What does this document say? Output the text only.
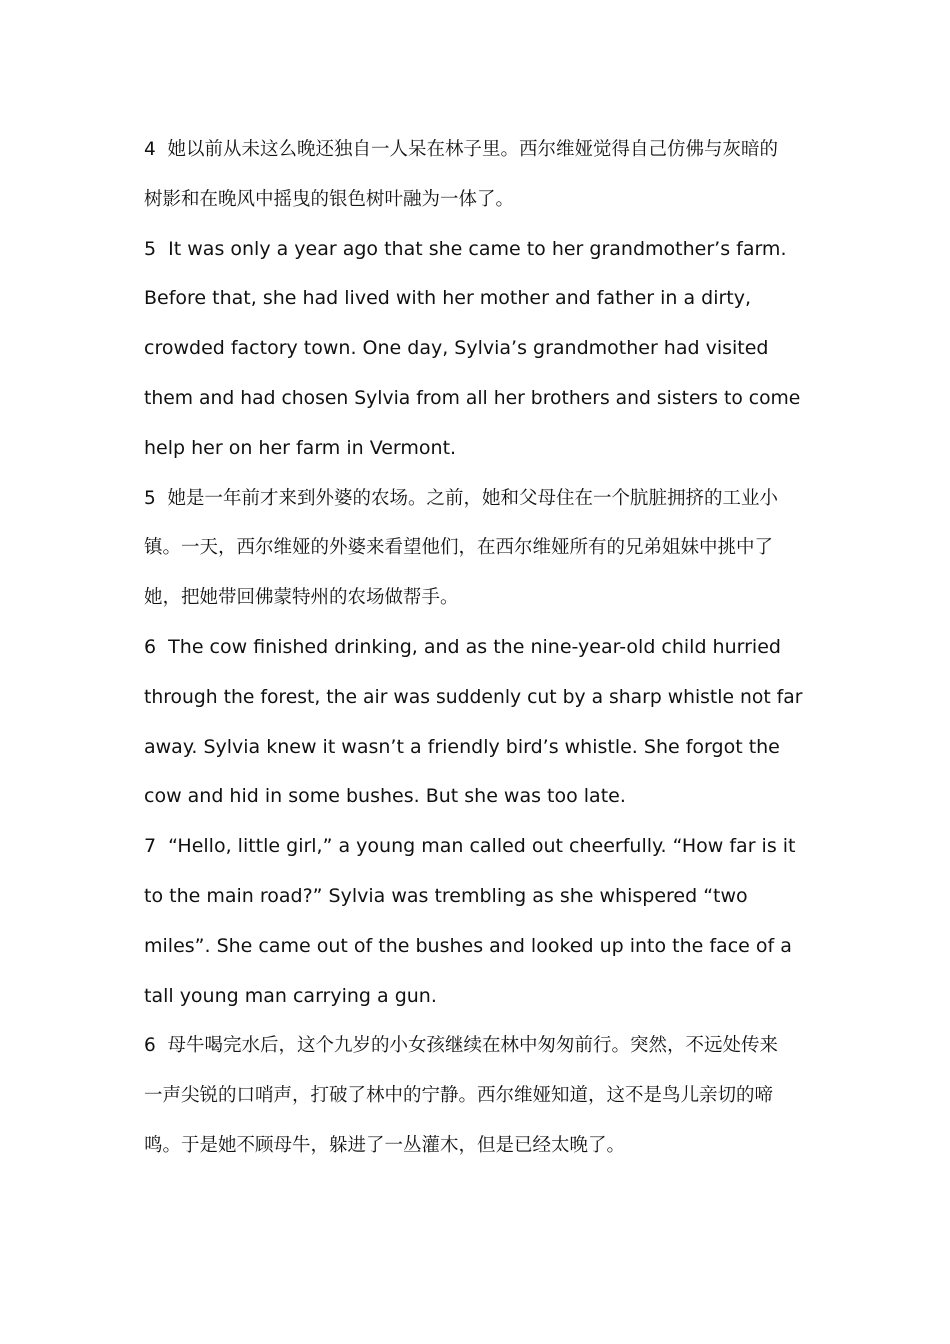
4  她以前从未这么晚还独自一人呆在林子里。西尔维娅觉得自己仿佛与灰暗的
树影和在晚风中摇曳的银色树叶融为一体了。
5  It was only a year ago that she came to her grandmother’s farm.
Before that, she had lived with her mother and father in a dirty,
crowded factory town. One day, Sylvia’s grandmother had visited
them and had chosen Sylvia from all her brothers and sisters to come
help her on her farm in Vermont.
5  她是一年前才来到外婆的农场。之前，她和父母住在一个肮脏拥挤的工业小
镇。一天，西尔维娅的外婆来看望他们，在西尔维娅所有的兄弟姐妹中挑中了
她，把她带回佛蒙特州的农场做帮手。
6  The cow finished drinking, and as the nine-year-old child hurried
through the forest, the air was suddenly cut by a sharp whistle not far
away. Sylvia knew it wasn’t a friendly bird’s whistle. She forgot the
cow and hid in some bushes. But she was too late.
7  “Hello, little girl,” a young man called out cheerfully. “How far is it
to the main road?” Sylvia was trembling as she whispered “two
miles”. She came out of the bushes and looked up into the face of a
tall young man carrying a gun.
6  母牛喝完水后，这个九岁的小女孩继续在林中匆匆前行。突然，不远处传来
一声尖锐的口哨声，打破了林中的宁静。西尔维娅知道，这不是鸟儿亲切的啼
鸣。于是她不顾母牛，躲进了一丛灌木，但是已经太晚了。
